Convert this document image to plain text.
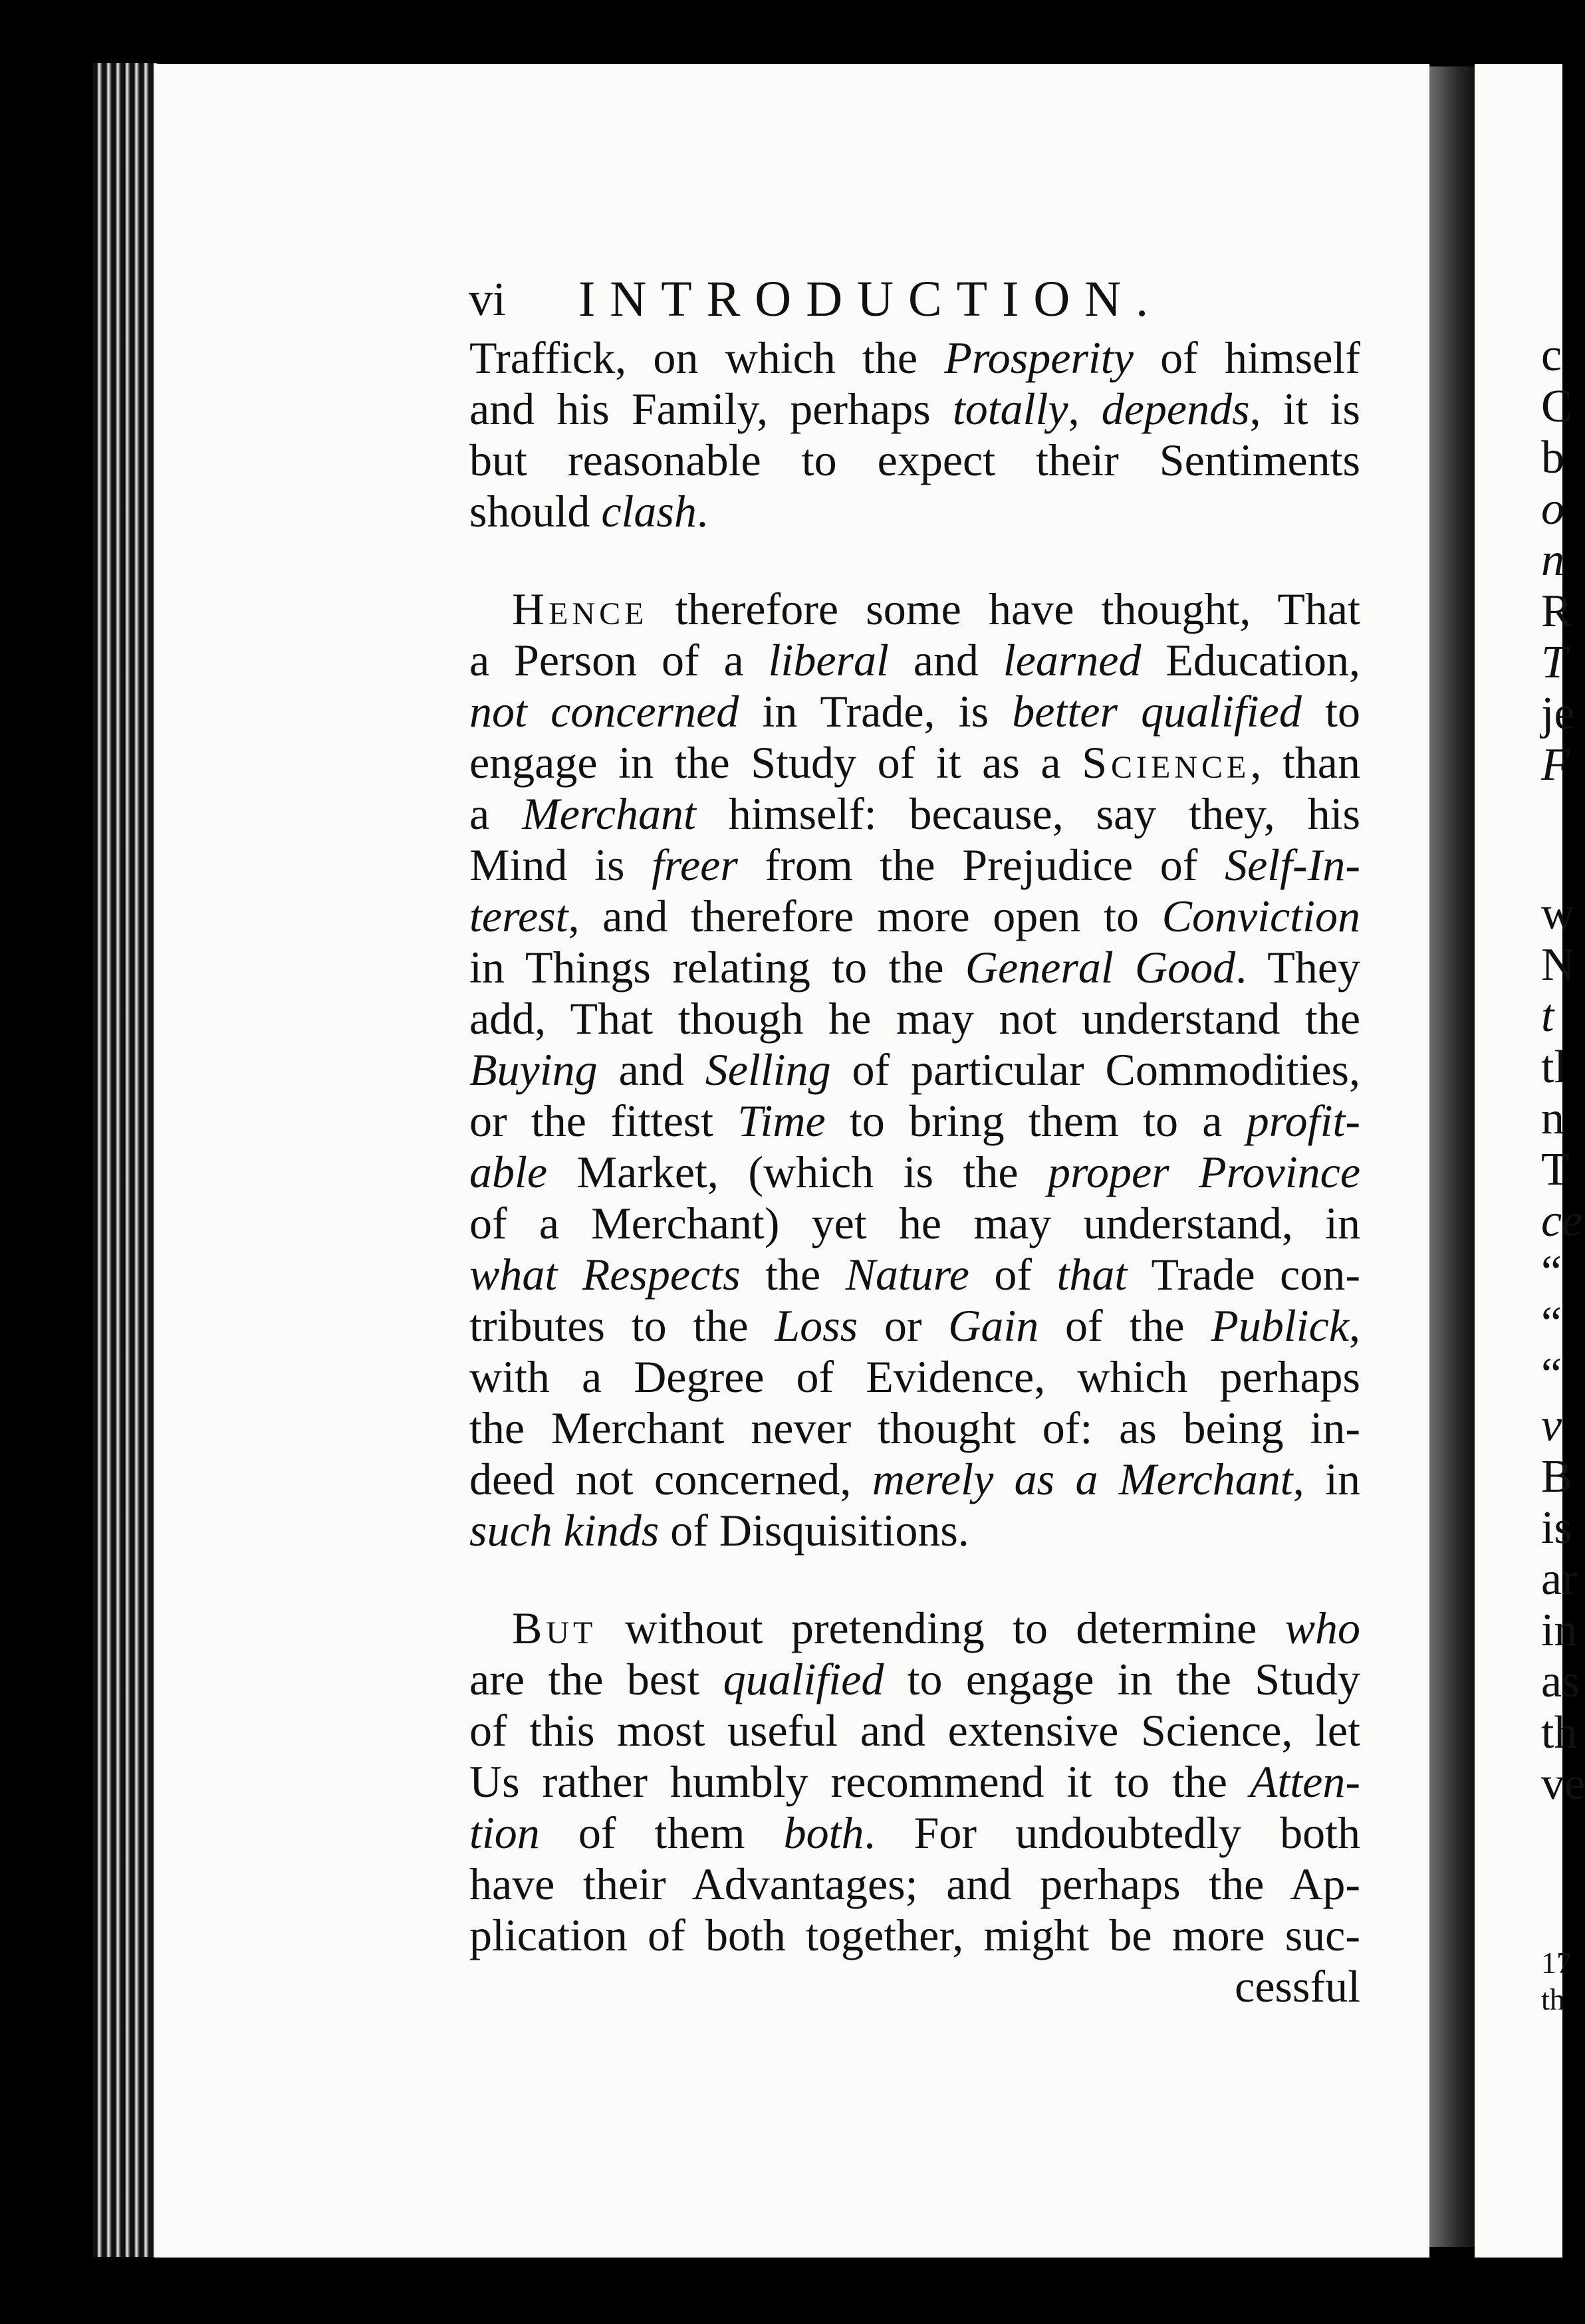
c
C
b
o
n
R
T
je
F
w
N
t
tl
n
T
ce
“
“
“
v
B
is
ar
in
as
th
ve
17
th
vi INTRODUCTION.
Traffick, on which the Prosperity of himself
and his Family, perhaps totally, depends, it is
but reasonable to expect their Sentiments
should clash.
Hence therefore some have thought, That
a Person of a liberal and learned Education,
not concerned in Trade, is better qualified to
engage in the Study of it as a Science, than
a Merchant himself: because, say they, his
Mind is freer from the Prejudice of Self-In-
terest, and therefore more open to Conviction
in Things relating to the General Good. They
add, That though he may not understand the
Buying and Selling of particular Commodities,
or the fittest Time to bring them to a profit-
able Market, (which is the proper Province
of a Merchant) yet he may understand, in
what Respects the Nature of that Trade con-
tributes to the Loss or Gain of the Publick,
with a Degree of Evidence, which perhaps
the Merchant never thought of: as being in-
deed not concerned, merely as a Merchant, in
such kinds of Disquisitions.
But without pretending to determine who
are the best qualified to engage in the Study
of this most useful and extensive Science, let
Us rather humbly recommend it to the Atten-
tion of them both. For undoubtedly both
have their Advantages; and perhaps the Ap-
plication of both together, might be more suc-
cessful
